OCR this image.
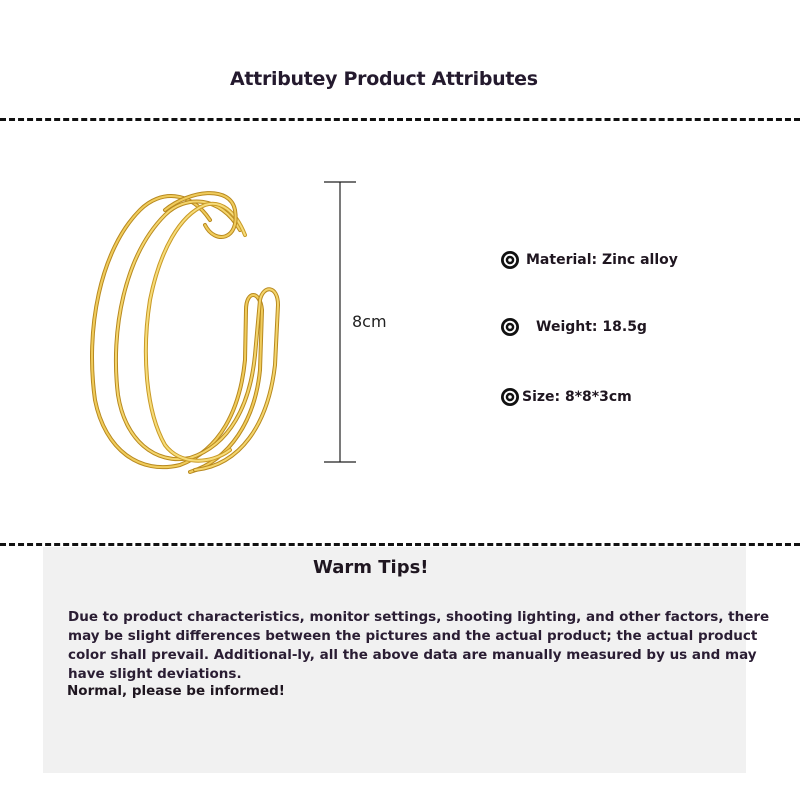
Attributey Product Attributes
8cm
Material: Zinc alloy
Weight: 18.5g
Size: 8*8*3cm
Warm Tips!
Due to product characteristics, monitor settings, shooting lighting, and other factors, there may be slight differences between the pictures and the actual product; the actual product color shall prevail. Additional-ly, all the above data are manually measured by us and may have slight deviations.
Normal, please be informed!
